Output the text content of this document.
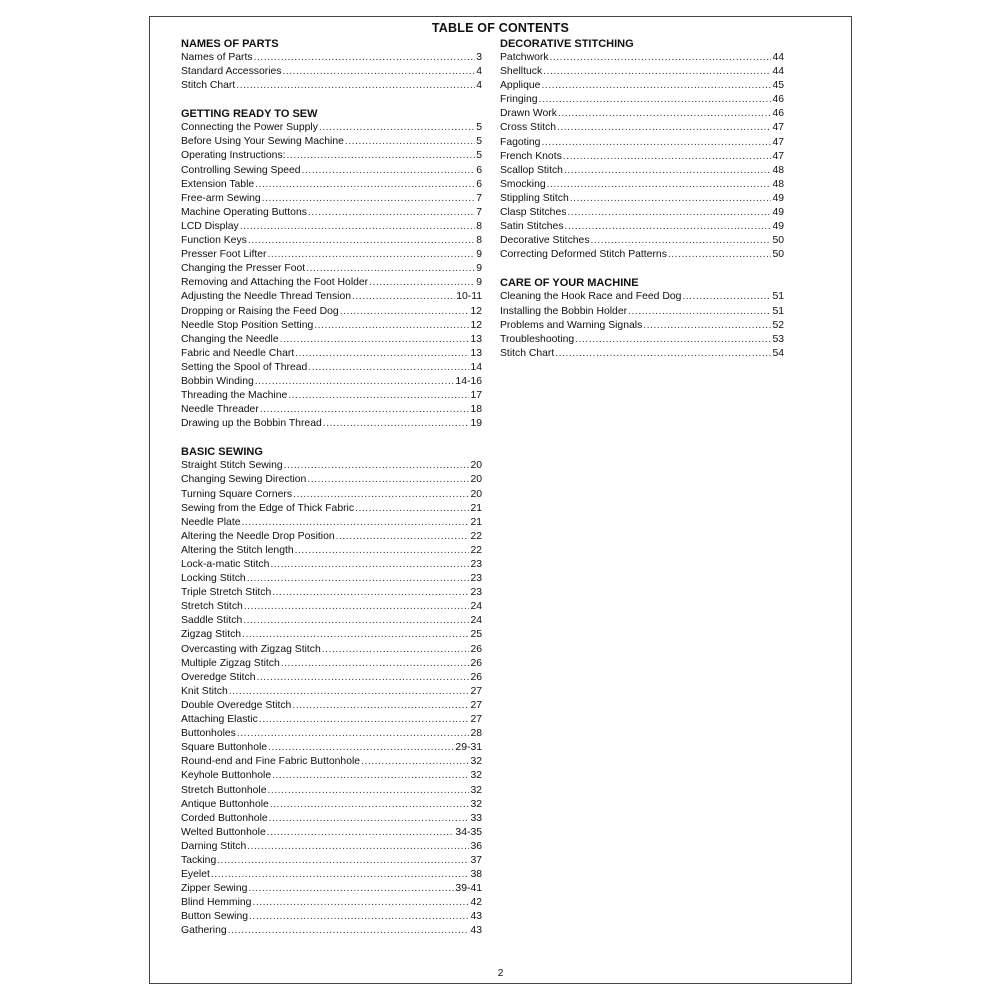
TABLE OF CONTENTS
NAMES OF PARTS
Names of Parts .....	3
Standard Accessories .....	4
Stitch Chart .....	4
GETTING READY TO SEW
Connecting the Power Supply .....	5
Before Using Your Sewing Machine .....	5
Operating Instructions: .....	5
Controlling Sewing Speed .....	6
Extension Table .....	6
Free-arm Sewing .....	7
Machine Operating Buttons .....	7
LCD Display .....	8
Function Keys .....	8
Presser Foot Lifter .....	9
Changing the Presser Foot .....	9
Removing and Attaching the Foot Holder .....	9
Adjusting the Needle Thread Tension .....	10-11
Dropping or Raising the Feed Dog .....	12
Needle Stop Position Setting .....	12
Changing the Needle .....	13
Fabric and Needle Chart .....	13
Setting the Spool of Thread .....	14
Bobbin Winding .....	14-16
Threading the Machine .....	17
Needle Threader .....	18
Drawing up the Bobbin Thread .....	19
BASIC SEWING
Straight Stitch Sewing .....	20
Changing Sewing Direction .....	20
Turning Square Corners .....	20
Sewing from the Edge of Thick Fabric .....	21
Needle Plate .....	21
Altering the Needle Drop Position .....	22
Altering the Stitch length .....	22
Lock-a-matic Stitch .....	23
Locking Stitch .....	23
Triple Stretch Stitch .....	23
Stretch Stitch .....	24
Saddle Stitch .....	24
Zigzag Stitch .....	25
Overcasting with Zigzag Stitch .....	26
Multiple Zigzag Stitch .....	26
Overedge Stitch .....	26
Knit Stitch .....	27
Double Overedge Stitch .....	27
Attaching Elastic .....	27
Buttonholes .....	28
Square Buttonhole .....	29-31
Round-end and Fine Fabric Buttonhole .....	32
Keyhole Buttonhole .....	32
Stretch Buttonhole .....	32
Antique Buttonhole .....	32
Corded Buttonhole .....	33
Welted Buttonhole .....	34-35
Darning Stitch .....	36
Tacking .....	37
Eyelet .....	38
Zipper Sewing .....	39-41
Blind Hemming .....	42
Button Sewing .....	43
Gathering .....	43
DECORATIVE STITCHING
Patchwork .....	44
Shelltuck .....	44
Applique .....	45
Fringing .....	46
Drawn Work .....	46
Cross Stitch .....	47
Fagoting .....	47
French Knots .....	47
Scallop Stitch .....	48
Smocking .....	48
Stippling Stitch .....	49
Clasp Stitches .....	49
Satin Stitches .....	49
Decorative Stitches .....	50
Correcting Deformed Stitch Patterns .....	50
CARE OF YOUR MACHINE
Cleaning the Hook Race and Feed Dog .....	51
Installing the Bobbin Holder .....	51
Problems and Warning Signals .....	52
Troubleshooting .....	53
Stitch Chart .....	54
2
